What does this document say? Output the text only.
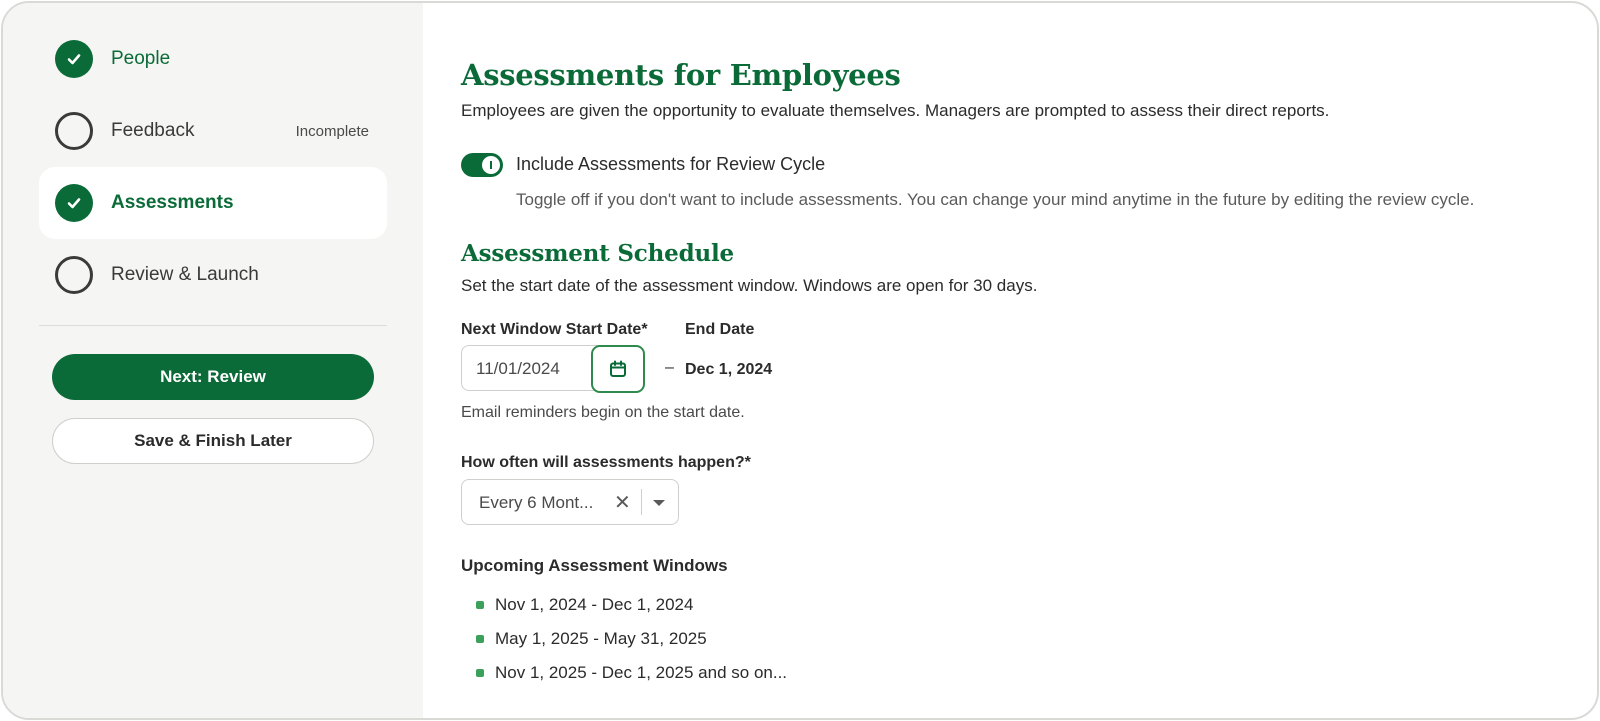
People
Feedback	Incomplete
Assessments
Review & Launch
Next: Review
Save & Finish Later
Assessments for Employees

Employees are given the opportunity to evaluate themselves. Managers are prompted to assess their direct reports.

Include Assessments for Review Cycle
Toggle off if you don't want to include assessments. You can change your mind anytime in the future by editing the review cycle.
Assessment Schedule

Set the start date of the assessment window. Windows are open for 30 days.

Next Window Start Date* End Date
11/01/2024	– Dec 1, 2024

Email reminders begin on the start date.

How often will assessments happen?*
Every 6 Mont... ✕
Upcoming Assessment Windows
Nov 1, 2024 - Dec 1, 2024
May 1, 2025 - May 31, 2025
Nov 1, 2025 - Dec 1, 2025 and so on...
